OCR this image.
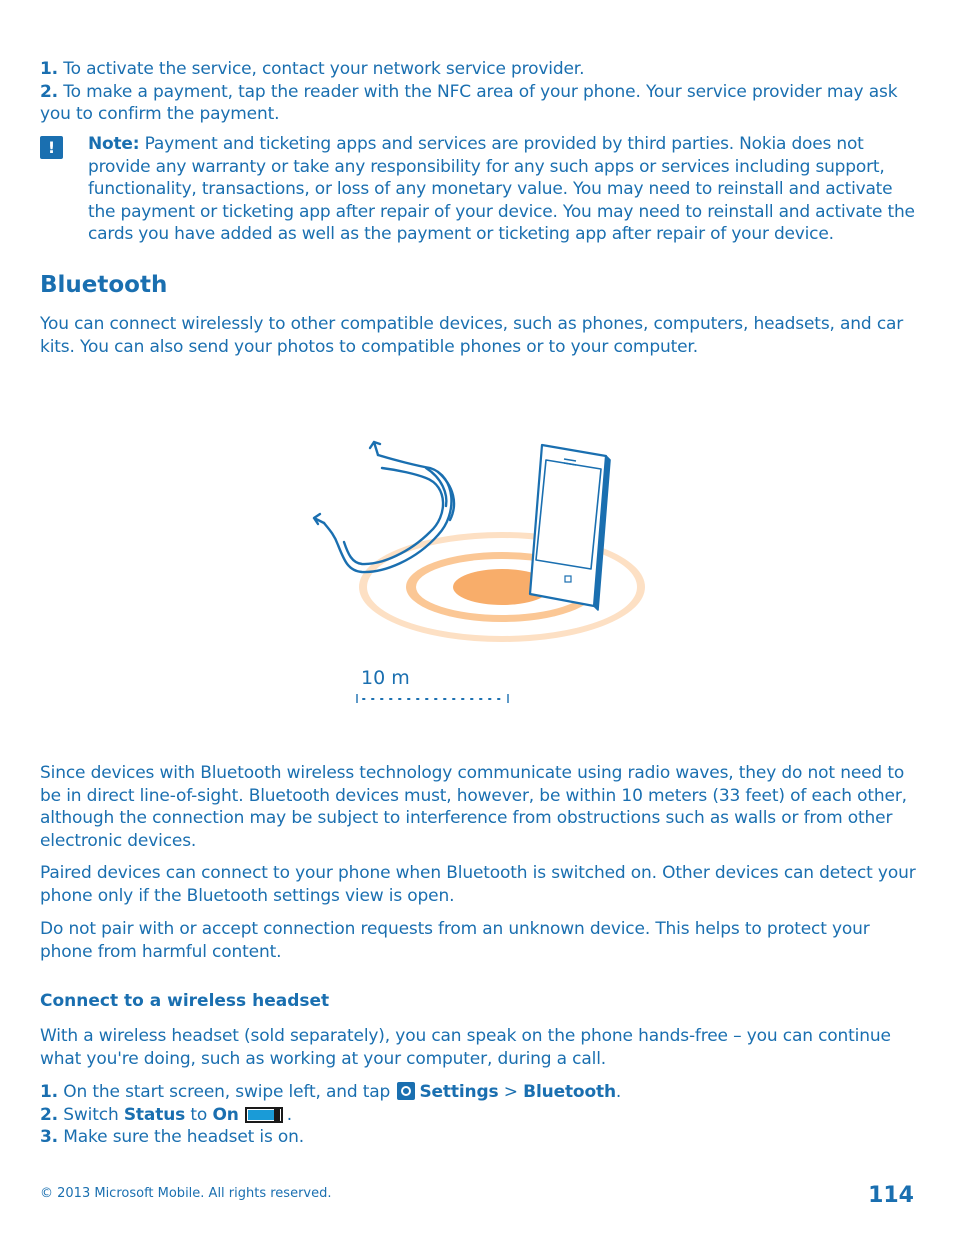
1. To activate the service, contact your network service provider.

2. To make a payment, tap the reader with the NFC area of your phone. Your service provider may ask you to confirm the payment.

!	Note: Payment and ticketing apps and services are provided by third parties. Nokia does not provide any warranty or take any responsibility for any such apps or services including support, functionality, transactions, or loss of any monetary value. You may need to reinstall and activate the payment or ticketing app after repair of your device. You may need to reinstall and activate the cards you have added as well as the payment or ticketing app after repair of your device.
Bluetooth

You can connect wirelessly to other compatible devices, such as phones, computers, headsets, and car kits. You can also send your photos to compatible phones or to your computer.

10 m

Since devices with Bluetooth wireless technology communicate using radio waves, they do not need to be in direct line-of-sight. Bluetooth devices must, however, be within 10 meters (33 feet) of each other, although the connection may be subject to interference from obstructions such as walls or from other electronic devices.

Paired devices can connect to your phone when Bluetooth is switched on. Other devices can detect your phone only if the Bluetooth settings view is open.

Do not pair with or accept connection requests from an unknown device. This helps to protect your phone from harmful content.

Connect to a wireless headset

With a wireless headset (sold separately), you can speak on the phone hands-free – you can continue what you're doing, such as working at your computer, during a call.

1. On the start screen, swipe left, and tap Settings > Bluetooth.

2. Switch Status to On	.

3. Make sure the headset is on.

© 2013 Microsoft Mobile. All rights reserved.	114
